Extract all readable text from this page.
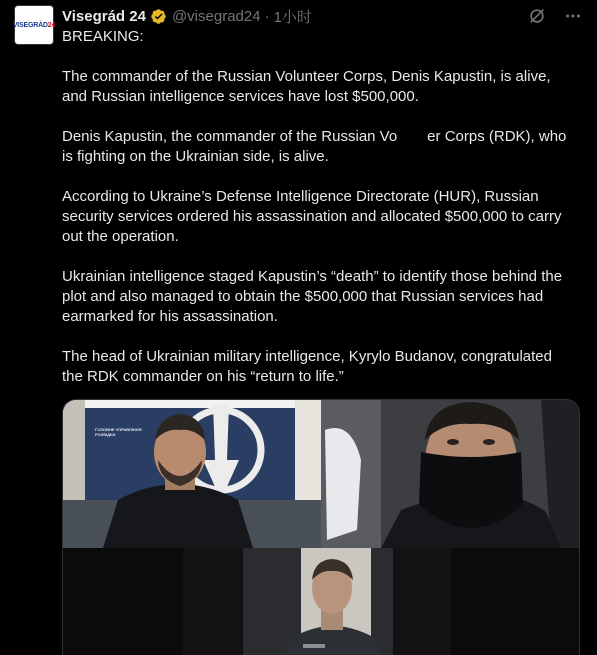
VISEGRÁD24
Visegrád 24 @visegrad24 · 1小时

BREAKING:

The commander of the Russian Volunteer Corps, Denis Kapustin, is alive, and Russian intelligence services have lost $500,000.

Denis Kapustin, the commander of the Russian Vo    er Corps (RDK), who is fighting on the Ukrainian side, is alive.

According to Ukraine’s Defense Intelligence Directorate (HUR), Russian security services ordered his assassination and allocated $500,000 to carry out the operation.

Ukrainian intelligence staged Kapustin’s “death” to identify those behind the plot and also managed to obtain the $500,000 that Russian services had earmarked for his assassination.

The head of Ukrainian military intelligence, Kyrylo Budanov, congratulated the RDK commander on his “return to life.”

ГОЛОВНЕ УПРАВЛІННЯ РОЗВІДКИ
